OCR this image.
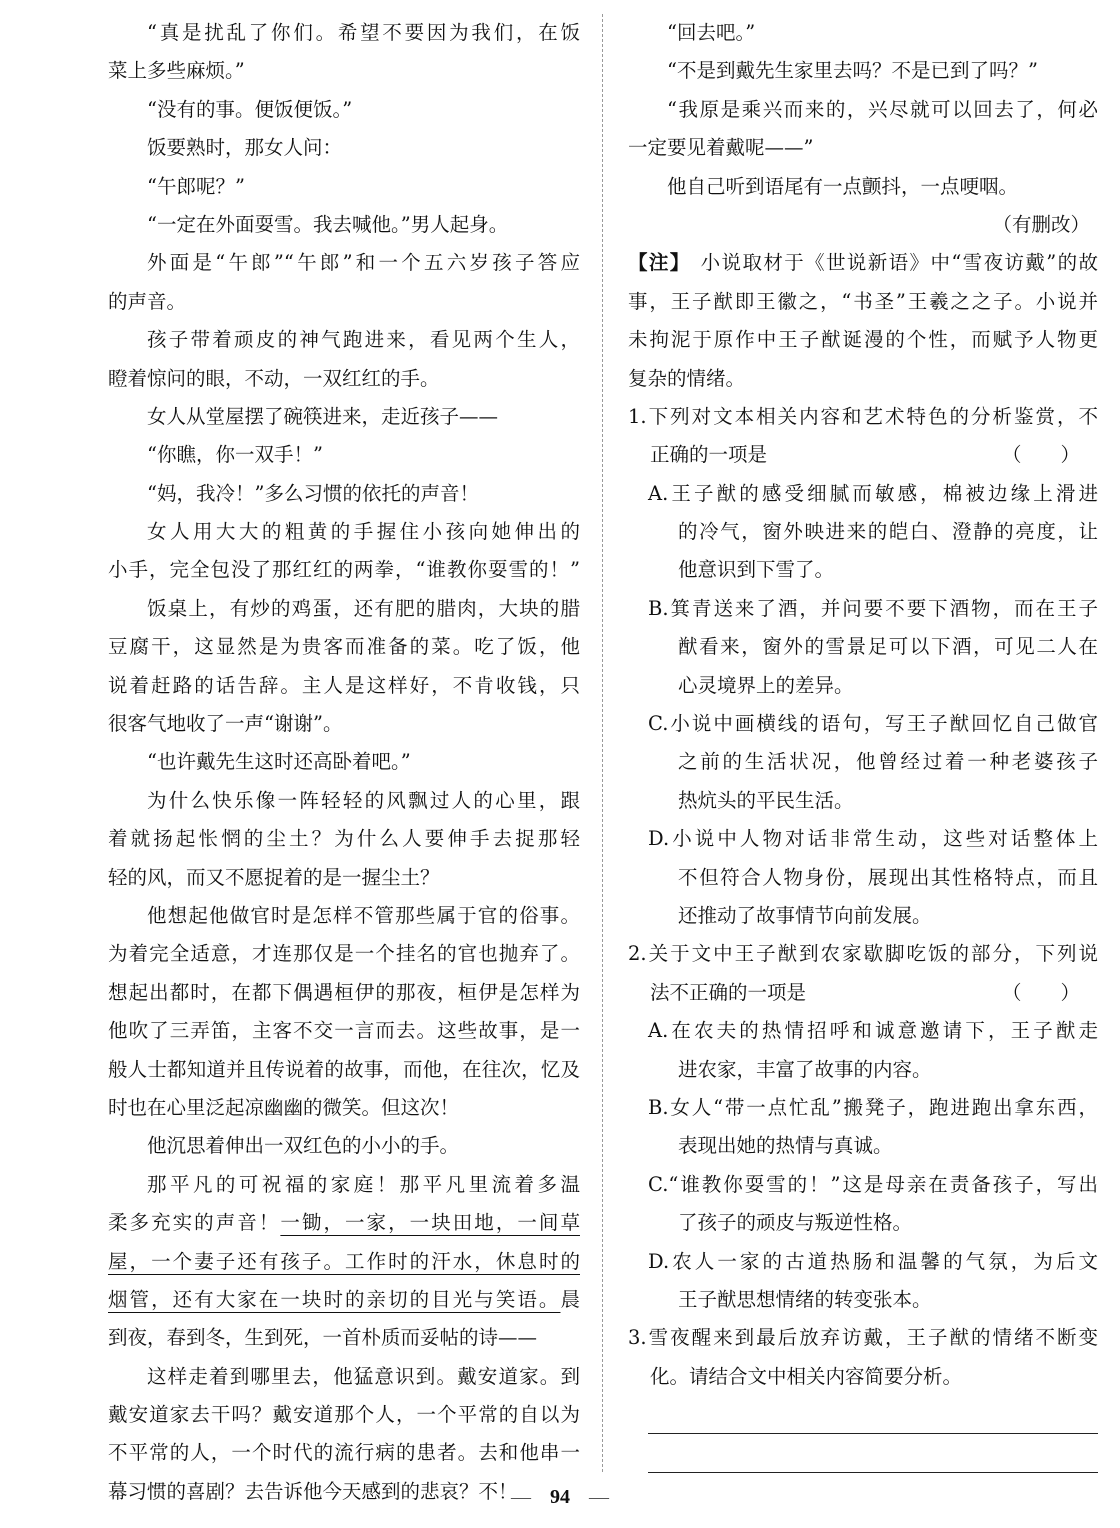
“真是扰乱了你们。希望不要因为我们，在饭
菜上多些麻烦。”
“没有的事。便饭便饭。”
饭要熟时，那女人问：
“午郎呢？”
“一定在外面耍雪。我去喊他。”男人起身。
外面是“午郎”“午郎”和一个五六岁孩子答应
的声音。
孩子带着顽皮的神气跑进来，看见两个生人，
瞪着惊问的眼，不动，一双红红的手。
女人从堂屋摆了碗筷进来，走近孩子——
“你瞧，你一双手！”
“妈，我冷！”多么习惯的依托的声音！
女人用大大的粗黄的手握住小孩向她伸出的
小手，完全包没了那红红的两拳，“谁教你耍雪的！”
饭桌上，有炒的鸡蛋，还有肥的腊肉，大块的腊
豆腐干，这显然是为贵客而准备的菜。吃了饭，他
说着赶路的话告辞。主人是这样好，不肯收钱，只
很客气地收了一声“谢谢”。
“也许戴先生这时还高卧着吧。”
为什么快乐像一阵轻轻的风飘过人的心里，跟
着就扬起怅惘的尘土？为什么人要伸手去捉那轻
轻的风，而又不愿捉着的是一握尘土？
他想起他做官时是怎样不管那些属于官的俗事。
为着完全适意，才连那仅是一个挂名的官也抛弃了。
想起出都时，在都下偶遇桓伊的那夜，桓伊是怎样为
他吹了三弄笛，主客不交一言而去。这些故事，是一
般人士都知道并且传说着的故事，而他，在往次，忆及
时也在心里泛起凉幽幽的微笑。但这次！
他沉思着伸出一双红色的小小的手。
那平凡的可祝福的家庭！那平凡里流着多温
柔多充实的声音！一锄，一家，一块田地，一间草
屋，一个妻子还有孩子。工作时的汗水，休息时的
烟管，还有大家在一块时的亲切的目光与笑语。晨
到夜，春到冬，生到死，一首朴质而妥帖的诗——
这样走着到哪里去，他猛意识到。戴安道家。到
戴安道家去干吗？戴安道那个人，一个平常的自以为
不平常的人，一个时代的流行病的患者。去和他串一
幕习惯的喜剧？去告诉他今天感到的悲哀？不！
“回去吧。”
“不是到戴先生家里去吗？不是已到了吗？”
“我原是乘兴而来的，兴尽就可以回去了，何必
一定要见着戴呢——”
他自己听到语尾有一点颤抖，一点哽咽。
（有删改）
【注】 小说取材于《世说新语》中“雪夜访戴”的故
事，王子猷即王徽之，“书圣”王羲之之子。小说并
未拘泥于原作中王子猷诞漫的个性，而赋予人物更
复杂的情绪。
1.下列对文本相关内容和艺术特色的分析鉴赏，不
正确的一项是	（　　）
A.王子猷的感受细腻而敏感，棉被边缘上滑进
的冷气，窗外映进来的皑白、澄静的亮度，让
他意识到下雪了。
B.箕青送来了酒，并问要不要下酒物，而在王子
猷看来，窗外的雪景足可以下酒，可见二人在
心灵境界上的差异。
C.小说中画横线的语句，写王子猷回忆自己做官
之前的生活状况，他曾经过着一种老婆孩子
热炕头的平民生活。
D.小说中人物对话非常生动，这些对话整体上
不但符合人物身份，展现出其性格特点，而且
还推动了故事情节向前发展。
2.关于文中王子猷到农家歇脚吃饭的部分，下列说
法不正确的一项是	（　　）
A.在农夫的热情招呼和诚意邀请下，王子猷走
进农家，丰富了故事的内容。
B.女人“带一点忙乱”搬凳子，跑进跑出拿东西，
表现出她的热情与真诚。
C.“谁教你耍雪的！”这是母亲在责备孩子，写出
了孩子的顽皮与叛逆性格。
D.农人一家的古道热肠和温馨的气氛，为后文
王子猷思想情绪的转变张本。
3.雪夜醒来到最后放弃访戴，王子猷的情绪不断变
化。请结合文中相关内容简要分析。
— 94 —
